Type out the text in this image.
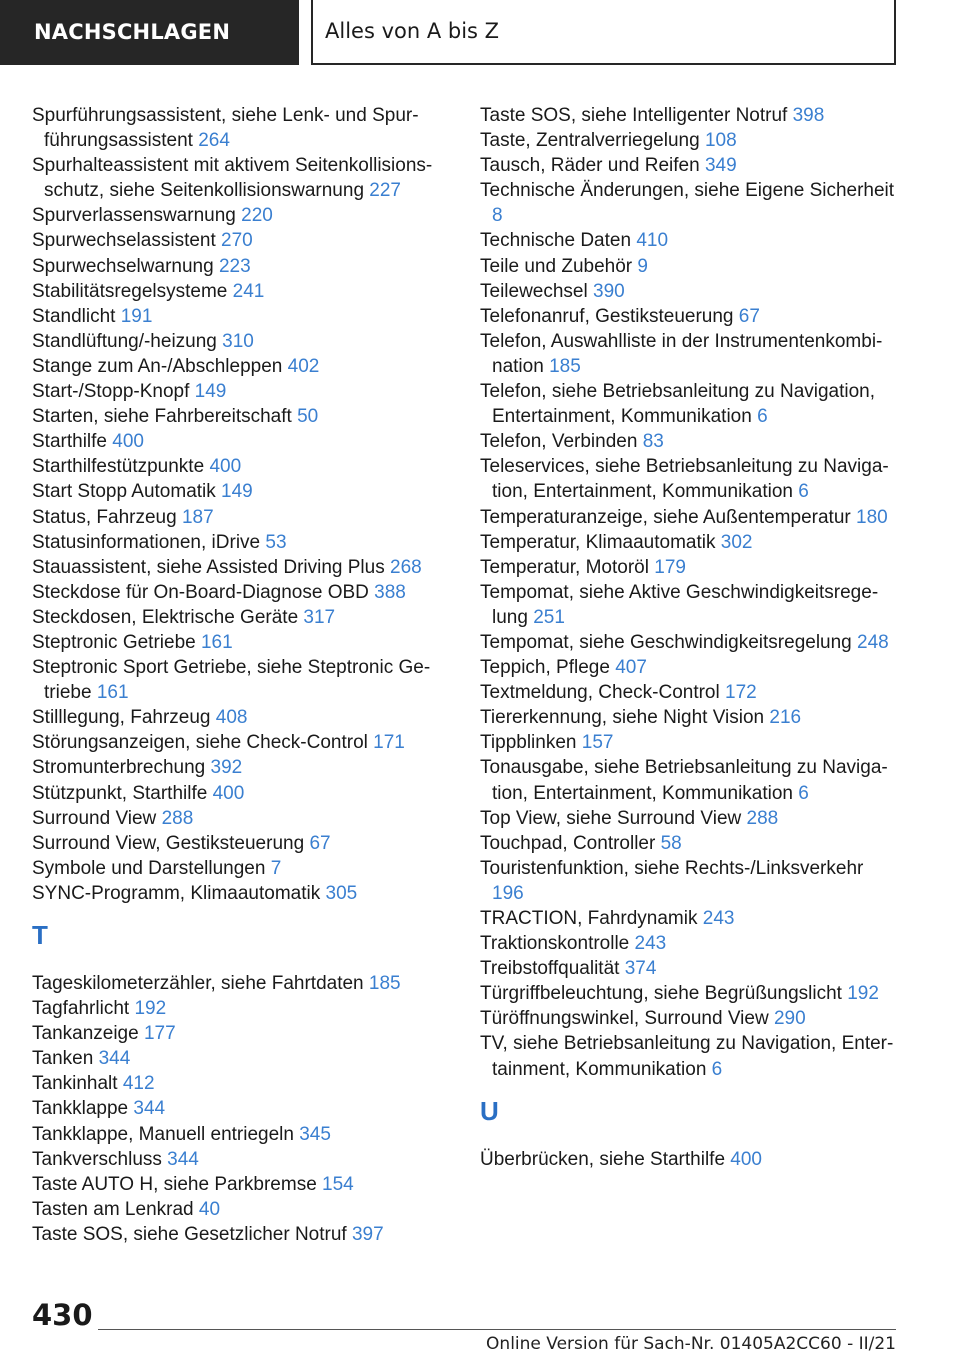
NACHSCHLAGEN	Alles von A bis Z
Spurführungsassistent, siehe Lenk- und Spurführungsassistent 264
Spurhalteassistent mit aktivem Seitenkollisionsschutz, siehe Seitenkollisionswarnung 227
Spurverlassenswarnung 220
Spurwechselassistent 270
Spurwechselwarnung 223
Stabilitätsregelsysteme 241
Standlicht 191
Standlüftung/-heizung 310
Stange zum An-/Abschleppen 402
Start-/Stopp-Knopf 149
Starten, siehe Fahrbereitschaft 50
Starthilfe 400
Starthilfestützpunkte 400
Start Stopp Automatik 149
Status, Fahrzeug 187
Statusinformationen, iDrive 53
Stauassistent, siehe Assisted Driving Plus 268
Steckdose für On-Board-Diagnose OBD 388
Steckdosen, Elektrische Geräte 317
Steptronic Getriebe 161
Steptronic Sport Getriebe, siehe Steptronic Getriebe 161
Stilllegung, Fahrzeug 408
Störungsanzeigen, siehe Check-Control 171
Stromunterbrechung 392
Stützpunkt, Starthilfe 400
Surround View 288
Surround View, Gestiksteuerung 67
Symbole und Darstellungen 7
SYNC-Programm, Klimaautomatik 305
T
Tageskilometerzähler, siehe Fahrtdaten 185
Tagfahrlicht 192
Tankanzeige 177
Tanken 344
Tankinhalt 412
Tankklappe 344
Tankklappe, Manuell entriegeln 345
Tankverschluss 344
Taste AUTO H, siehe Parkbremse 154
Tasten am Lenkrad 40
Taste SOS, siehe Gesetzlicher Notruf 397
Taste SOS, siehe Intelligenter Notruf 398
Taste, Zentralverriegelung 108
Tausch, Räder und Reifen 349
Technische Änderungen, siehe Eigene Sicherheit 8
Technische Daten 410
Teile und Zubehör 9
Teilewechsel 390
Telefonanruf, Gestiksteuerung 67
Telefon, Auswahlliste in der Instrumentenkombination 185
Telefon, siehe Betriebsanleitung zu Navigation, Entertainment, Kommunikation 6
Telefon, Verbinden 83
Teleservices, siehe Betriebsanleitung zu Navigation, Entertainment, Kommunikation 6
Temperaturanzeige, siehe Außentemperatur 180
Temperatur, Klimaautomatik 302
Temperatur, Motoröl 179
Tempomat, siehe Aktive Geschwindigkeitsregelung 251
Tempomat, siehe Geschwindigkeitsregelung 248
Teppich, Pflege 407
Textmeldung, Check-Control 172
Tiererkennung, siehe Night Vision 216
Tippblinken 157
Tonausgabe, siehe Betriebsanleitung zu Navigation, Entertainment, Kommunikation 6
Top View, siehe Surround View 288
Touchpad, Controller 58
Touristenfunktion, siehe Rechts-/Linksverkehr 196
TRACTION, Fahrdynamik 243
Traktionskontrolle 243
Treibstoffqualität 374
Türgriffbeleuchtung, siehe Begrüßungslicht 192
Türöffnungswinkel, Surround View 290
TV, siehe Betriebsanleitung zu Navigation, Entertainment, Kommunikation 6
U
Überbrücken, siehe Starthilfe 400
430
Online Version für Sach-Nr. 01405A2CC60 - II/21
